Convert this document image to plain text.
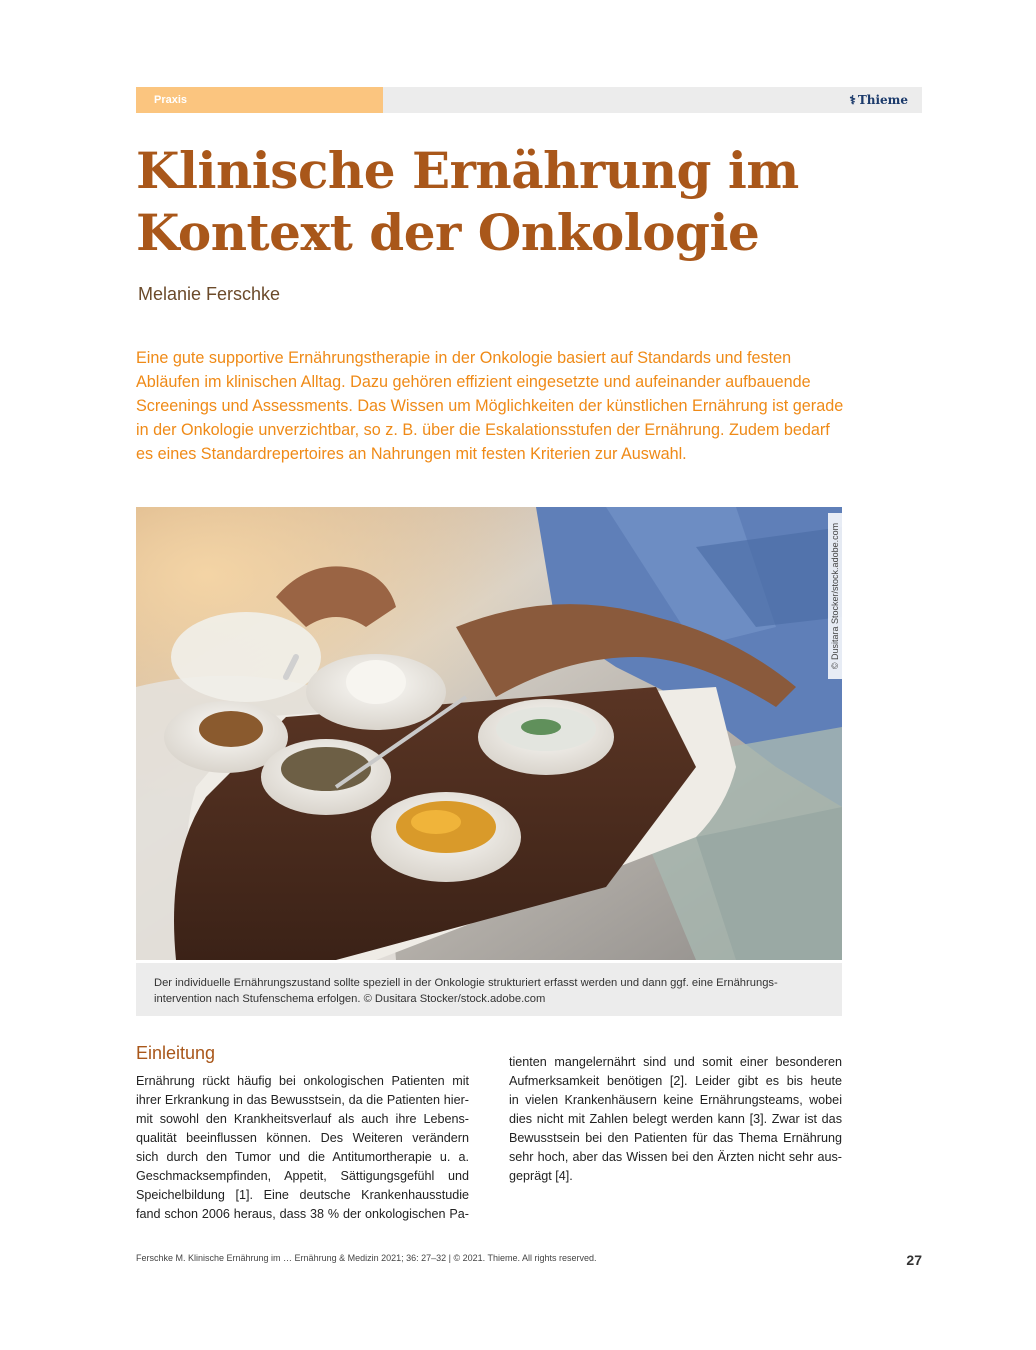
Praxis	⚕ Thieme
Klinische Ernährung im
Kontext der Onkologie
Melanie Ferschke

Eine gute supportive Ernährungstherapie in der Onkologie basiert auf Standards und festen Abläufen im klinischen Alltag. Dazu gehören effizient eingesetzte und aufeinander aufbauende Screenings und Assessments. Das Wissen um Möglichkeiten der künstlichen Ernährung ist gerade in der Onkologie unverzichtbar, so z. B. über die Eskalationsstufen der Ernährung. Zudem bedarf es eines Standardrepertoires an Nahrungen mit festen Kriterien zur Auswahl.

© Dusitara Stocker/stock.adobe.com
Der individuelle Ernährungszustand sollte speziell in der Onkologie strukturiert erfasst werden und dann ggf. eine Ernährungs-
intervention nach Stufenschema erfolgen. © Dusitara Stocker/stock.adobe.com
Einleitung
Ernährung rückt häufig bei onkologischen Patienten mit
ihrer Erkrankung in das Bewusstsein, da die Patienten hier-
mit sowohl den Krankheitsverlauf als auch ihre Lebens-
qualität beeinflussen können. Des Weiteren verändern
sich durch den Tumor und die Antitumortherapie u. a.
Geschmacksempfinden, Appetit, Sättigungsgefühl und
Speichelbildung [1]. Eine deutsche Krankenhausstudie
fand schon 2006 heraus, dass 38 % der onkologischen Pa-
tienten mangelernährt sind und somit einer besonderen
Aufmerksamkeit benötigen [2]. Leider gibt es bis heute
in vielen Krankenhäusern keine Ernährungsteams, wobei
dies nicht mit Zahlen belegt werden kann [3]. Zwar ist das
Bewusstsein bei den Patienten für das Thema Ernährung
sehr hoch, aber das Wissen bei den Ärzten nicht sehr aus-
geprägt [4].
Ferschke M. Klinische Ernährung im … Ernährung & Medizin 2021; 36: 27–32 | © 2021. Thieme. All rights reserved.	27
